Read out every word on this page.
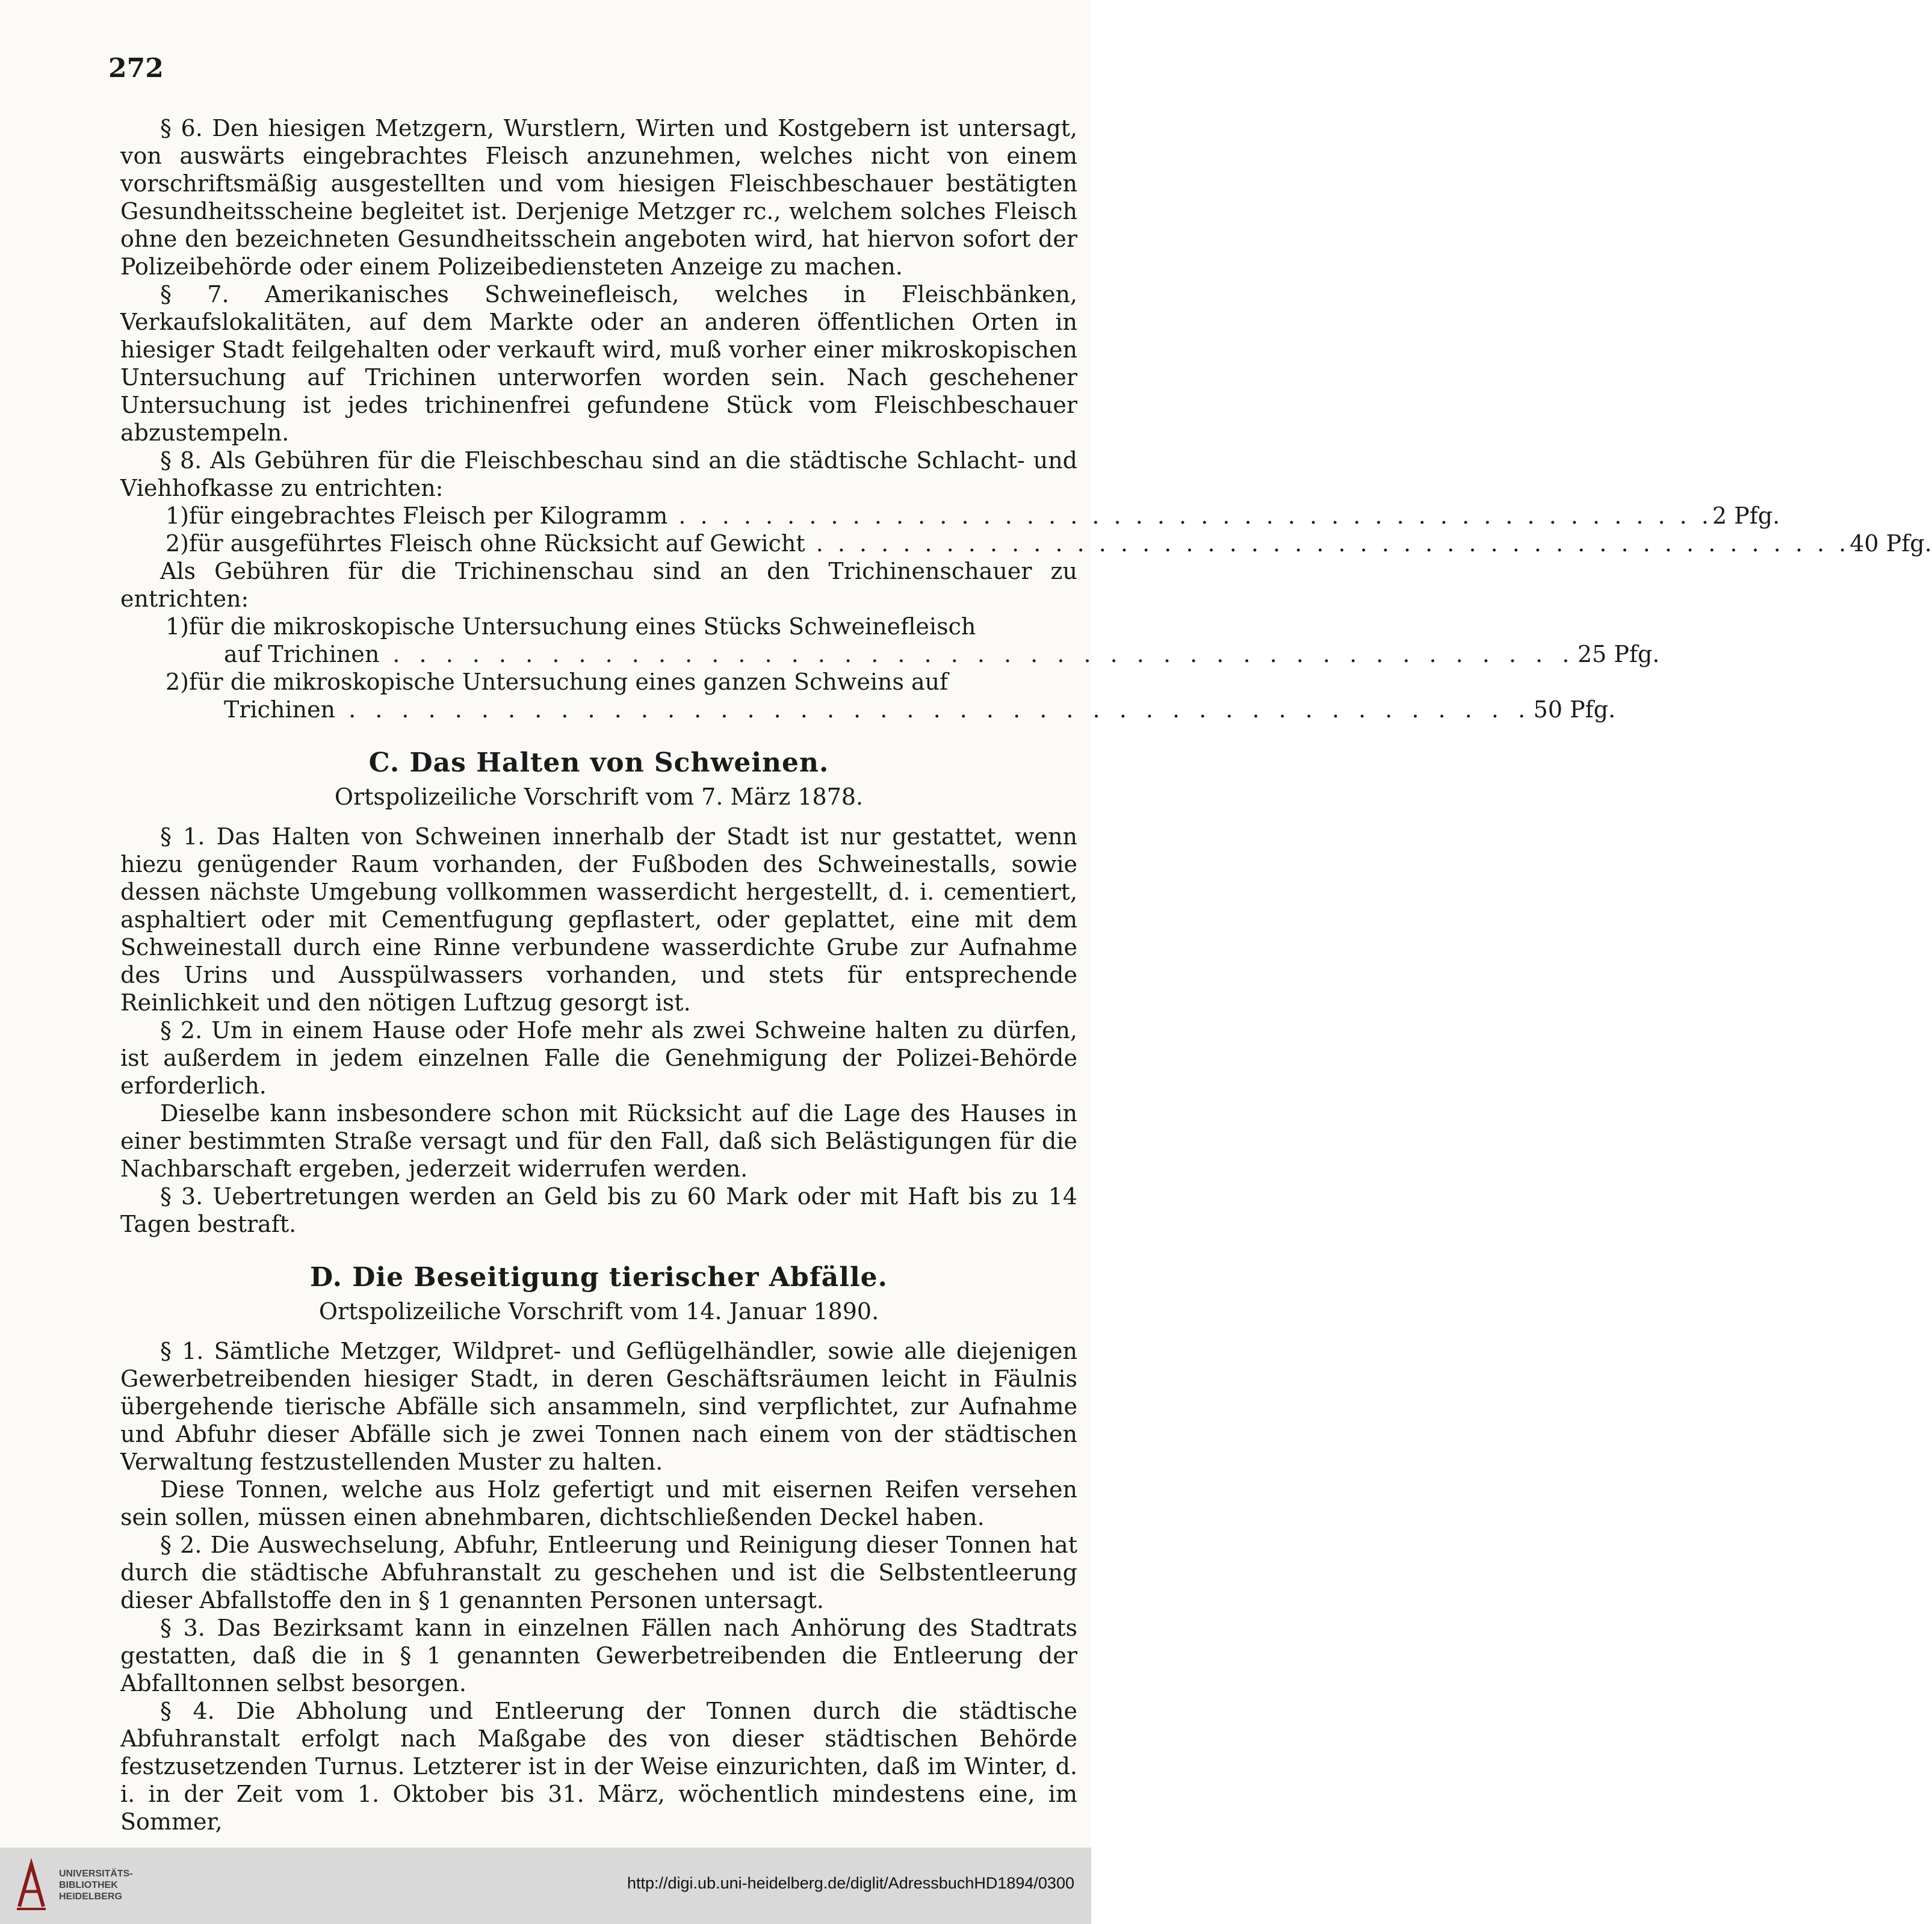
272

§ 6. Den hiesigen Metzgern, Wurstlern, Wirten und Kostgebern ist untersagt, von auswärts eingebrachtes Fleisch anzunehmen, welches nicht von einem vorschriftsmäßig ausgestellten und vom hiesigen Fleischbeschauer bestätigten Gesundheitsscheine begleitet ist. Derjenige Metzger rc., welchem solches Fleisch ohne den bezeichneten Gesundheitsschein angeboten wird, hat hiervon sofort der Polizeibehörde oder einem Polizeibediensteten Anzeige zu machen.

§ 7. Amerikanisches Schweinefleisch, welches in Fleischbänken, Verkaufslokalitäten, auf dem Markte oder an anderen öffentlichen Orten in hiesiger Stadt feilgehalten oder verkauft wird, muß vorher einer mikroskopischen Untersuchung auf Trichinen unterworfen worden sein. Nach geschehener Untersuchung ist jedes trichinenfrei gefundene Stück vom Fleischbeschauer abzustempeln.

§ 8. Als Gebühren für die Fleischbeschau sind an die städtische Schlacht- und Viehhofkasse zu entrichten:

1) für eingebrachtes Fleisch per Kilogramm . . .	2 Pfg.
2) für ausgeführtes Fleisch ohne Rücksicht auf Gewicht . . .	40 Pfg.

Als Gebühren für die Trichinenschau sind an den Trichinenschauer zu entrichten:

1) für die mikroskopische Untersuchung eines Stücks Schweinefleisch
auf Trichinen . . .	25 Pfg.
2) für die mikroskopische Untersuchung eines ganzen Schweins auf
Trichinen . . .	50 Pfg.
C. Das Halten von Schweinen.
Ortspolizeiliche Vorschrift vom 7. März 1878.

§ 1. Das Halten von Schweinen innerhalb der Stadt ist nur gestattet, wenn hiezu genügender Raum vorhanden, der Fußboden des Schweinestalls, sowie dessen nächste Umgebung vollkommen wasserdicht hergestellt, d. i. cementiert, asphaltiert oder mit Cementfugung gepflastert, oder geplattet, eine mit dem Schweinestall durch eine Rinne verbundene wasserdichte Grube zur Aufnahme des Urins und Ausspülwassers vorhanden, und stets für entsprechende Reinlichkeit und den nötigen Luftzug gesorgt ist.

§ 2. Um in einem Hause oder Hofe mehr als zwei Schweine halten zu dürfen, ist außerdem in jedem einzelnen Falle die Genehmigung der Polizei-Behörde erforderlich.

Dieselbe kann insbesondere schon mit Rücksicht auf die Lage des Hauses in einer bestimmten Straße versagt und für den Fall, daß sich Belästigungen für die Nachbarschaft ergeben, jederzeit widerrufen werden.

§ 3. Uebertretungen werden an Geld bis zu 60 Mark oder mit Haft bis zu 14 Tagen bestraft.

D. Die Beseitigung tierischer Abfälle.
Ortspolizeiliche Vorschrift vom 14. Januar 1890.

§ 1. Sämtliche Metzger, Wildpret- und Geflügelhändler, sowie alle diejenigen Gewerbetreibenden hiesiger Stadt, in deren Geschäftsräumen leicht in Fäulnis übergehende tierische Abfälle sich ansammeln, sind verpflichtet, zur Aufnahme und Abfuhr dieser Abfälle sich je zwei Tonnen nach einem von der städtischen Verwaltung festzustellenden Muster zu halten.

Diese Tonnen, welche aus Holz gefertigt und mit eisernen Reifen versehen sein sollen, müssen einen abnehmbaren, dichtschließenden Deckel haben.

§ 2. Die Auswechselung, Abfuhr, Entleerung und Reinigung dieser Tonnen hat durch die städtische Abfuhranstalt zu geschehen und ist die Selbstentleerung dieser Abfallstoffe den in § 1 genannten Personen untersagt.

§ 3. Das Bezirksamt kann in einzelnen Fällen nach Anhörung des Stadtrats gestatten, daß die in § 1 genannten Gewerbetreibenden die Entleerung der Abfalltonnen selbst besorgen.

§ 4. Die Abholung und Entleerung der Tonnen durch die städtische Abfuhranstalt erfolgt nach Maßgabe des von dieser städtischen Behörde festzusetzenden Turnus. Letzterer ist in der Weise einzurichten, daß im Winter, d. i. in der Zeit vom 1. Oktober bis 31. März, wöchentlich mindestens eine, im Sommer,

UNIVERSITÄTS-
BIBLIOTHEK
HEIDELBERG
http://digi.ub.uni-heidelberg.de/diglit/AdressbuchHD1894/0300
